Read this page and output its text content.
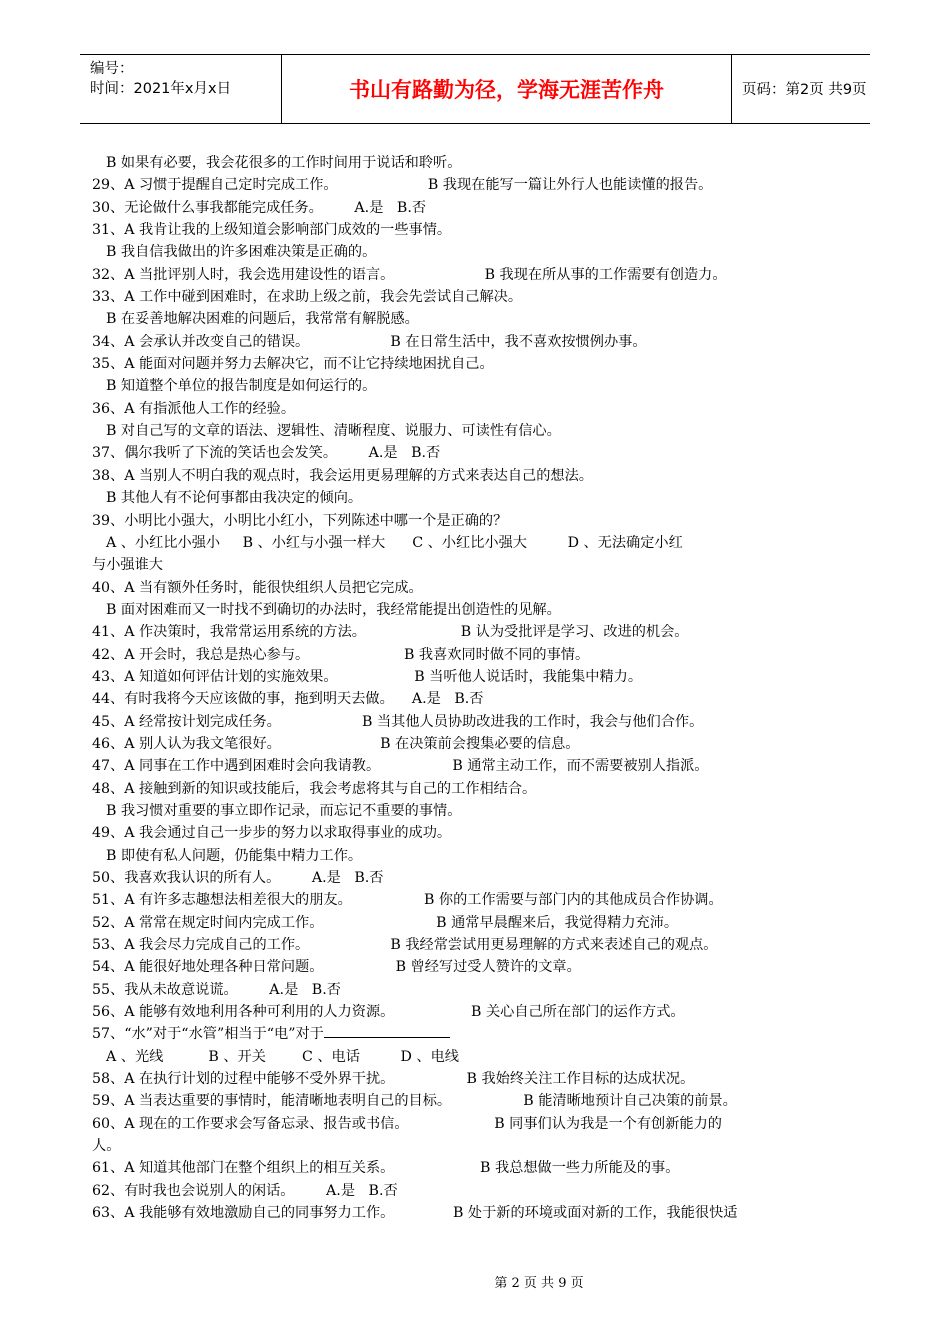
编号：
时间：2021年x月x日	书山有路勤为径，学海无涯苦作舟	页码：第2页 共9页
B 如果有必要，我会花很多的工作时间用于说话和聆听。
29、A 习惯于提醒自己定时完成工作。                    B 我现在能写一篇让外行人也能读懂的报告。
30、无论做什么事我都能完成任务。       A.是   B.否
31、A 我肯让我的上级知道会影响部门成效的一些事情。
B 我自信我做出的许多困难决策是正确的。
32、A 当批评别人时，我会选用建设性的语言。                    B 我现在所从事的工作需要有创造力。
33、A 工作中碰到困难时，在求助上级之前，我会先尝试自己解决。
B 在妥善地解决困难的问题后，我常常有解脱感。
34、A 会承认并改变自己的错误。                  B 在日常生活中，我不喜欢按惯例办事。
35、A 能面对问题并努力去解决它，而不让它持续地困扰自己。
B 知道整个单位的报告制度是如何运行的。
36、A 有指派他人工作的经验。
B 对自己写的文章的语法、逻辑性、清晰程度、说服力、可读性有信心。
37、偶尔我听了下流的笑话也会发笑。       A.是   B.否
38、A 当别人不明白我的观点时，我会运用更易理解的方式来表达自己的想法。
B 其他人有不论何事都由我决定的倾向。
39、小明比小强大，小明比小红小，下列陈述中哪一个是正确的？
A 、小红比小强小     B 、小红与小强一样大      C 、小红比小强大         D 、无法确定小红
与小强谁大
40、A 当有额外任务时，能很快组织人员把它完成。
B 面对困难而又一时找不到确切的办法时，我经常能提出创造性的见解。
41、A 作决策时，我常常运用系统的方法。                     B 认为受批评是学习、改进的机会。
42、A 开会时，我总是热心参与。                     B 我喜欢同时做不同的事情。
43、A 知道如何评估计划的实施效果。                 B 当听他人说话时，我能集中精力。
44、有时我将今天应该做的事，拖到明天去做。    A.是   B.否
45、A 经常按计划完成任务。                  B 当其他人员协助改进我的工作时，我会与他们合作。
46、A 别人认为我文笔很好。                      B 在决策前会搜集必要的信息。
47、A 同事在工作中遇到困难时会向我请教。                B 通常主动工作，而不需要被别人指派。
48、A 接触到新的知识或技能后，我会考虑将其与自己的工作相结合。
B 我习惯对重要的事立即作记录，而忘记不重要的事情。
49、A 我会通过自己一步步的努力以求取得事业的成功。
B 即使有私人问题，仍能集中精力工作。
50、我喜欢我认识的所有人。       A.是   B.否
51、A 有许多志趣想法相差很大的朋友。                B 你的工作需要与部门内的其他成员合作协调。
52、A 常常在规定时间内完成工作。                         B 通常早晨醒来后，我觉得精力充沛。
53、A 我会尽力完成自己的工作。                  B 我经常尝试用更易理解的方式来表述自己的观点。
54、A 能很好地处理各种日常问题。                B 曾经写过受人赞许的文章。
55、我从未故意说谎。       A.是   B.否
56、A 能够有效地利用各种可利用的人力资源。                 B 关心自己所在部门的运作方式。
57、“水”对于“水管”相当于“电”对于
A 、光线          B 、开关        C 、电话         D 、电线
58、A 在执行计划的过程中能够不受外界干扰。                B 我始终关注工作目标的达成状况。
59、A 当表达重要的事情时，能清晰地表明自己的目标。                B 能清晰地预计自己决策的前景。
60、A 现在的工作要求会写备忘录、报告或书信。                   B 同事们认为我是一个有创新能力的
人。
61、A 知道其他部门在整个组织上的相互关系。                   B 我总想做一些力所能及的事。
62、有时我也会说别人的闲话。       A.是   B.否
63、A 我能够有效地激励自己的同事努力工作。             B 处于新的环境或面对新的工作，我能很快适
第 2 页 共 9 页
